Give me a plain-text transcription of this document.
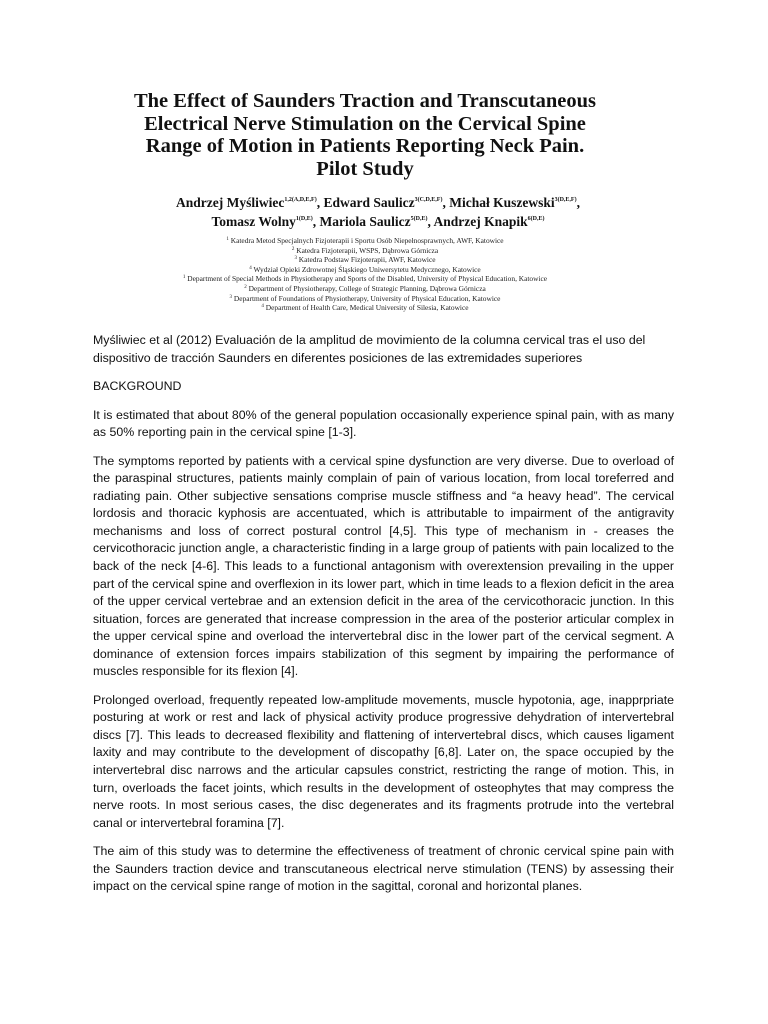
The Effect of Saunders Traction and Transcutaneous
Electrical Nerve Stimulation on the Cervical Spine
Range of Motion in Patients Reporting Neck Pain.
Pilot Study
Andrzej Myśliwiec$^{1,2(A,D,E,F)}$, Edward Saulicz$^{3(C,D,E,F)}$, Michał Kuszewski$^{3(D,E,F)}$,
Tomasz Wolny$^{1(D,E)}$, Mariola Saulicz$^{5(D,E)}$, Andrzej Knapik$^{6(D,E)}$
$^1$ Katedra Metod Specjalnych Fizjoterapii i Sportu Osób Niepełnosprawnych, AWF, Katowice
$^2$ Katedra Fizjoterapii, WSPS, Dąbrowa Górnicza
$^3$ Katedra Podstaw Fizjoterapii, AWF, Katowice
$^4$ Wydział Opieki Zdrowotnej Śląskiego Uniwersytetu Medycznego, Katowice
$^1$ Department of Special Methods in Physiotherapy and Sports of the Disabled, University of Physical Education, Katowice
$^2$ Department of Physiotherapy, College of Strategic Planning, Dąbrowa Górnicza
$^3$ Department of Foundations of Physiotherapy, University of Physical Education, Katowice
$^4$ Department of Health Care, Medical University of Silesia, Katowice

Myśliwiec et al (2012) Evaluación de la amplitud de movimiento de la columna cervical tras el uso del dispositivo de tracción Saunders en diferentes posiciones de las extremidades superiores

BACKGROUND

It is estimated that about 80% of the general population occasionally experience spinal pain, with as many as 50% reporting pain in the cervical spine [1-3].

The symptoms reported by patients with a cervical spine dysfunction are very diverse. Due to overload of the paraspinal structures, patients mainly complain of pain of various location, from local toreferred and radiating pain. Other subjective sensations comprise muscle stiffness and “a heavy head”. The cervical lordosis and thoracic kyphosis are accentuated, which is attributable to impairment of the antigravity mechanisms and loss of correct postural control [4,5]. This type of mechanism in - creases the cervicothoracic junction angle, a characteristic finding in a large group of patients with pain localized to the back of the neck [4-6]. This leads to a functional antagonism with overextension prevailing in the upper part of the cervical spine and overflexion in its lower part, which in time leads to a flexion deficit in the area of the upper cervical vertebrae and an extension deficit in the area of the cervicothoracic junction. In this situation, forces are generated that increase compression in the area of the posterior articular complex in the upper cervical spine and overload the intervertebral disc in the lower part of the cervical segment. A dominance of extension forces impairs stabilization of this segment by impairing the performance of muscles responsible for its flexion [4].

Prolonged overload, frequently repeated low-amplitude movements, muscle hypotonia, age, inapprpriate posturing at work or rest and lack of physical activity produce progressive dehydration of intervertebral discs [7]. This leads to decreased flexibility and flattening of intervertebral discs, which causes ligament laxity and may contribute to the development of discopathy [6,8]. Later on, the space occupied by the intervertebral disc narrows and the articular capsules constrict, restricting the range of motion. This, in turn, overloads the facet joints, which results in the development of osteophytes that may compress the nerve roots. In most serious cases, the disc degenerates and its fragments protrude into the vertebral canal or intervertebral foramina [7].

The aim of this study was to determine the effectiveness of treatment of chronic cervical spine pain with the Saunders traction device and transcutaneous electrical nerve stimulation (TENS) by assessing their impact on the cervical spine range of motion in the sagittal, coronal and horizontal planes.
